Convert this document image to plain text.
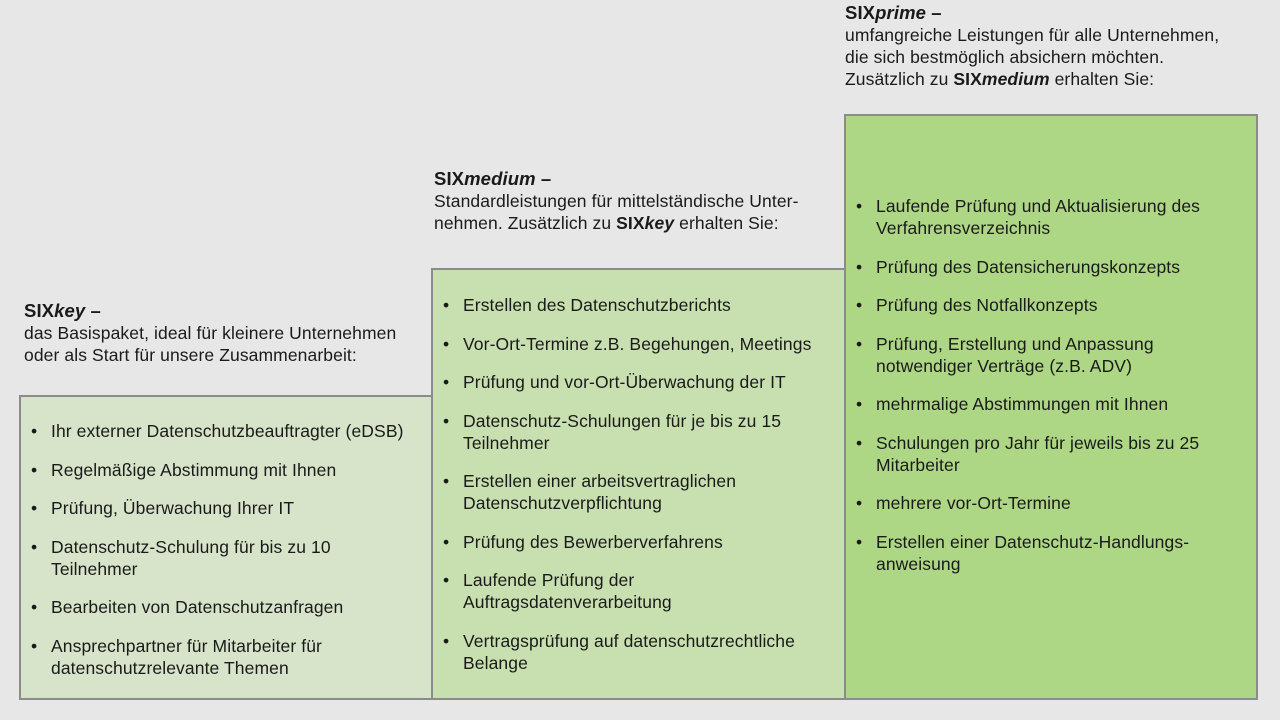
SIXkey –
das Basispaket, ideal für kleinere Unternehmen
oder als Start für unsere Zusammenarbeit:
SIXmedium –
Standardleistungen für mittelständische Unter-
nehmen. Zusätzlich zu SIXkey erhalten Sie:
SIXprime –
umfangreiche Leistungen für alle Unternehmen,
die sich bestmöglich absichern möchten.
Zusätzlich zu SIXmedium erhalten Sie:
• Ihr externer Datenschutzbeauftragter (eDSB)
• Regelmäßige Abstimmung mit Ihnen
• Prüfung, Überwachung Ihrer IT
• Datenschutz-Schulung für bis zu 10
Teilnehmer
• Bearbeiten von Datenschutzanfragen
• Ansprechpartner für Mitarbeiter für
datenschutzrelevante Themen
• Erstellen des Datenschutzberichts
• Vor-Ort-Termine z.B. Begehungen, Meetings
• Prüfung und vor-Ort-Überwachung der IT
• Datenschutz-Schulungen für je bis zu 15
Teilnehmer
• Erstellen einer arbeitsvertraglichen
Datenschutzverpflichtung
• Prüfung des Bewerberverfahrens
• Laufende Prüfung der
Auftragsdatenverarbeitung
• Vertragsprüfung auf datenschutzrechtliche
Belange
• Laufende Prüfung und Aktualisierung des
Verfahrensverzeichnis
• Prüfung des Datensicherungskonzepts
• Prüfung des Notfallkonzepts
• Prüfung, Erstellung und Anpassung
notwendiger Verträge (z.B. ADV)
• mehrmalige Abstimmungen mit Ihnen
• Schulungen pro Jahr für jeweils bis zu 25
Mitarbeiter
• mehrere vor-Ort-Termine
• Erstellen einer Datenschutz-Handlungs-
anweisung
